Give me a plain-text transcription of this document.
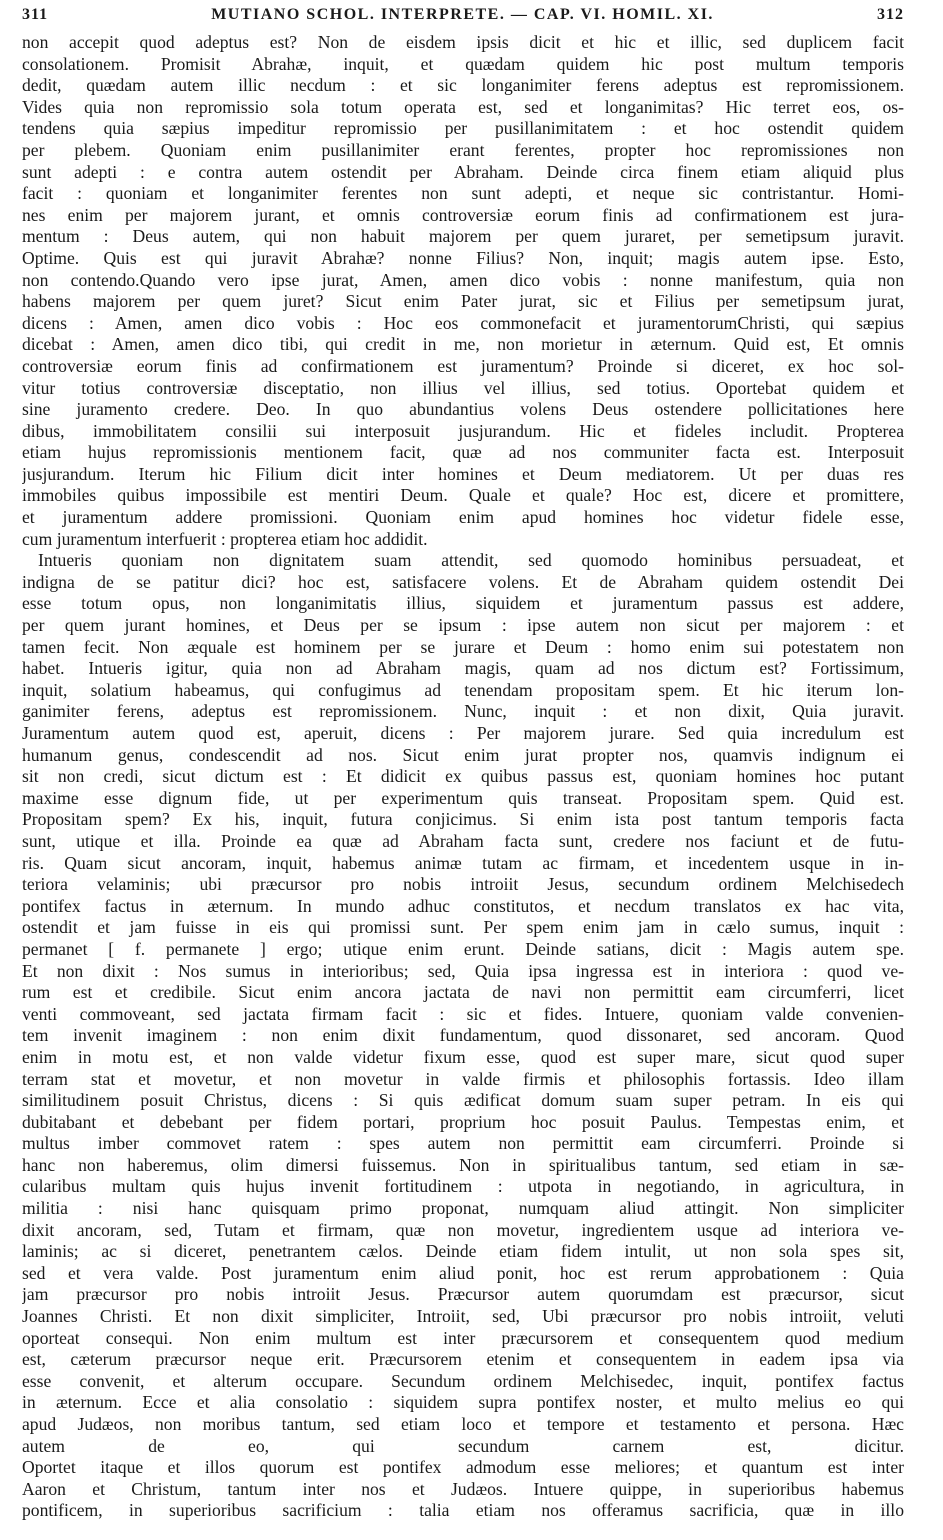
311	MUTIANO SCHOL. INTERPRETE. — CAP. VI. HOMIL. XI.	312
non accepit quod adeptus est? Non de eisdem ipsis dicit et hic et illic, sed duplicem facit
consolationem. Promisit Abrahæ, inquit, et quædam quidem hic post multum temporis
dedit, quædam autem illic necdum : et sic longanimiter ferens adeptus est repromissionem.
Vides quia non repromissio sola totum operata est, sed et longanimitas? Hic terret eos, os-
tendens quia sæpius impeditur repromissio per pusillanimitatem : et hoc ostendit quidem
per plebem. Quoniam enim pusillanimiter erant ferentes, propter hoc repromissiones non
sunt adepti : e contra autem ostendit per Abraham. Deinde circa finem etiam aliquid plus
facit : quoniam et longanimiter ferentes non sunt adepti, et neque sic contristantur. Homi-
nes enim per majorem jurant, et omnis controversiæ eorum finis ad confirmationem est jura-
mentum : Deus autem, qui non habuit majorem per quem juraret, per semetipsum juravit.
Optime. Quis est qui juravit Abrahæ? nonne Filius? Non, inquit; magis autem ipse. Esto,
non contendo.Quando vero ipse jurat, Amen, amen dico vobis : nonne manifestum, quia non
habens majorem per quem juret? Sicut enim Pater jurat, sic et Filius per semetipsum jurat,
dicens : Amen, amen dico vobis : Hoc eos commonefacit et juramentorumChristi, qui sæpius
dicebat : Amen, amen dico tibi, qui credit in me, non morietur in æternum. Quid est, Et omnis
controversiæ eorum finis ad confirmationem est juramentum? Proinde si diceret, ex hoc sol-
vitur totius controversiæ disceptatio, non illius vel illius, sed totius. Oportebat quidem et
sine juramento credere. Deo. In quo abundantius volens Deus ostendere pollicitationes here
dibus, immobilitatem consilii sui interposuit jusjurandum. Hic et fideles includit. Propterea
etiam hujus repromissionis mentionem facit, quæ ad nos communiter facta est. Interposuit
jusjurandum. Iterum hic Filium dicit inter homines et Deum mediatorem. Ut per duas res
immobiles quibus impossibile est mentiri Deum. Quale et quale? Hoc est, dicere et promittere,
et juramentum addere promissioni. Quoniam enim apud homines hoc videtur fidele esse,
cum juramentum interfuerit : propterea etiam hoc addidit.
Intueris quoniam non dignitatem suam attendit, sed quomodo hominibus persuadeat, et
indigna de se patitur dici? hoc est, satisfacere volens. Et de Abraham quidem ostendit Dei
esse totum opus, non longanimitatis illius, siquidem et juramentum passus est addere,
per quem jurant homines, et Deus per se ipsum : ipse autem non sicut per majorem : et
tamen fecit. Non æquale est hominem per se jurare et Deum : homo enim sui potestatem non
habet. Intueris igitur, quia non ad Abraham magis, quam ad nos dictum est? Fortissimum,
inquit, solatium habeamus, qui confugimus ad tenendam propositam spem. Et hic iterum lon-
ganimiter ferens, adeptus est repromissionem. Nunc, inquit : et non dixit, Quia juravit.
Juramentum autem quod est, aperuit, dicens : Per majorem jurare. Sed quia incredulum est
humanum genus, condescendit ad nos. Sicut enim jurat propter nos, quamvis indignum ei
sit non credi, sicut dictum est : Et didicit ex quibus passus est, quoniam homines hoc putant
maxime esse dignum fide, ut per experimentum quis transeat. Propositam spem. Quid est.
Propositam spem? Ex his, inquit, futura conjicimus. Si enim ista post tantum temporis facta
sunt, utique et illa. Proinde ea quæ ad Abraham facta sunt, credere nos faciunt et de futu-
ris. Quam sicut ancoram, inquit, habemus animæ tutam ac firmam, et incedentem usque in in-
teriora velaminis; ubi præcursor pro nobis introiit Jesus, secundum ordinem Melchisedech
pontifex factus in æternum. In mundo adhuc constitutos, et necdum translatos ex hac vita,
ostendit et jam fuisse in eis qui promissi sunt. Per spem enim jam in cælo sumus, inquit :
permanet [ f. permanete ] ergo; utique enim erunt. Deinde satians, dicit : Magis autem spe.
Et non dixit : Nos sumus in interioribus; sed, Quia ipsa ingressa est in interiora : quod ve-
rum est et credibile. Sicut enim ancora jactata de navi non permittit eam circumferri, licet
venti commoveant, sed jactata firmam facit : sic et fides. Intuere, quoniam valde convenien-
tem invenit imaginem : non enim dixit fundamentum, quod dissonaret, sed ancoram. Quod
enim in motu est, et non valde videtur fixum esse, quod est super mare, sicut quod super
terram stat et movetur, et non movetur in valde firmis et philosophis fortassis. Ideo illam
similitudinem posuit Christus, dicens : Si quis ædificat domum suam super petram. In eis qui
dubitabant et debebant per fidem portari, proprium hoc posuit Paulus. Tempestas enim, et
multus imber commovet ratem : spes autem non permittit eam circumferri. Proinde si
hanc non haberemus, olim dimersi fuissemus. Non in spiritualibus tantum, sed etiam in sæ-
cularibus multam quis hujus invenit fortitudinem : utpota in negotiando, in agricultura, in
militia : nisi hanc quisquam primo proponat, numquam aliud attingit. Non simpliciter
dixit ancoram, sed, Tutam et firmam, quæ non movetur, ingredientem usque ad interiora ve-
laminis; ac si diceret, penetrantem cælos. Deinde etiam fidem intulit, ut non sola spes sit,
sed et vera valde. Post juramentum enim aliud ponit, hoc est rerum approbationem : Quia
jam præcursor pro nobis introiit Jesus. Præcursor autem quorumdam est præcursor, sicut
Joannes Christi. Et non dixit simpliciter, Introiit, sed, Ubi præcursor pro nobis introiit, veluti
oporteat consequi. Non enim multum est inter præcursorem et consequentem quod medium
est, cæterum præcursor neque erit. Præcursorem etenim et consequentem in eadem ipsa via
esse convenit, et alterum occupare. Secundum ordinem Melchisedec, inquit, pontifex factus
in æternum. Ecce et alia consolatio : siquidem supra pontifex noster, et multo melius eo qui
apud Judæos, non moribus tantum, sed etiam loco et tempore et testamento et persona. Hæc
autem de eo, qui secundum carnem est, dicitur.
Oportet itaque et illos quorum est pontifex admodum esse meliores; et quantum est inter
Aaron et Christum, tantum inter nos et Judæos. Intuere quippe, in superioribus habemus
pontificem, in superioribus sacrificium : talia etiam nos offeramus sacrificia, quæ in illo
